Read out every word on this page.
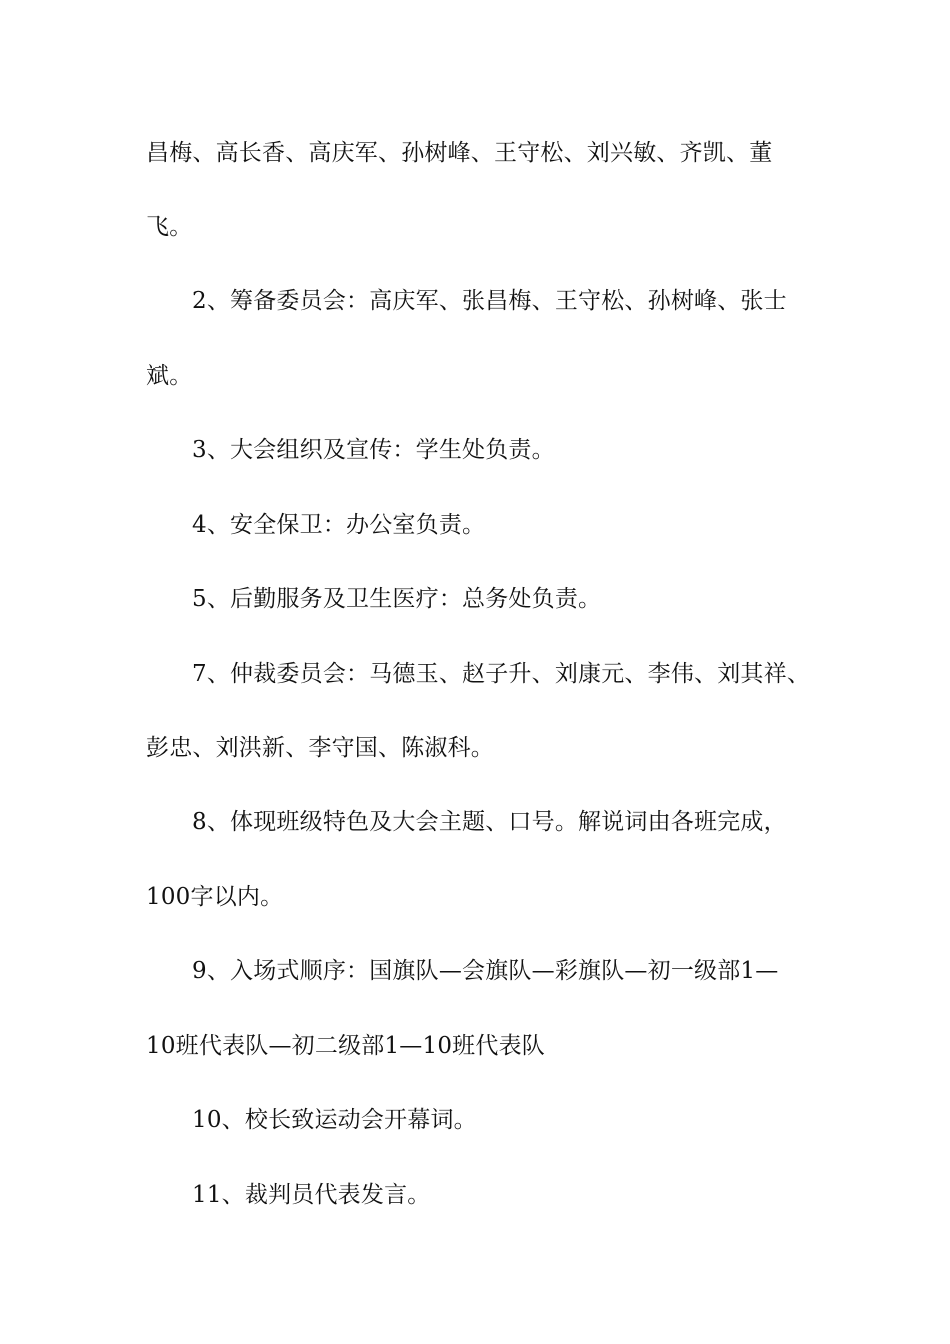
昌梅、高长香、高庆军、孙树峰、王守松、刘兴敏、齐凯、董
飞。
2、筹备委员会：高庆军、张昌梅、王守松、孙树峰、张士
斌。
3、大会组织及宣传：学生处负责。
4、安全保卫：办公室负责。
5、后勤服务及卫生医疗：总务处负责。
7、仲裁委员会：马德玉、赵子升、刘康元、李伟、刘其祥、
彭忠、刘洪新、李守国、陈淑科。
8、体现班级特色及大会主题、口号。解说词由各班完成，
100字以内。
9、入场式顺序：国旗队—会旗队—彩旗队—初一级部1—
10班代表队—初二级部1—10班代表队
10、校长致运动会开幕词。
11、裁判员代表发言。
